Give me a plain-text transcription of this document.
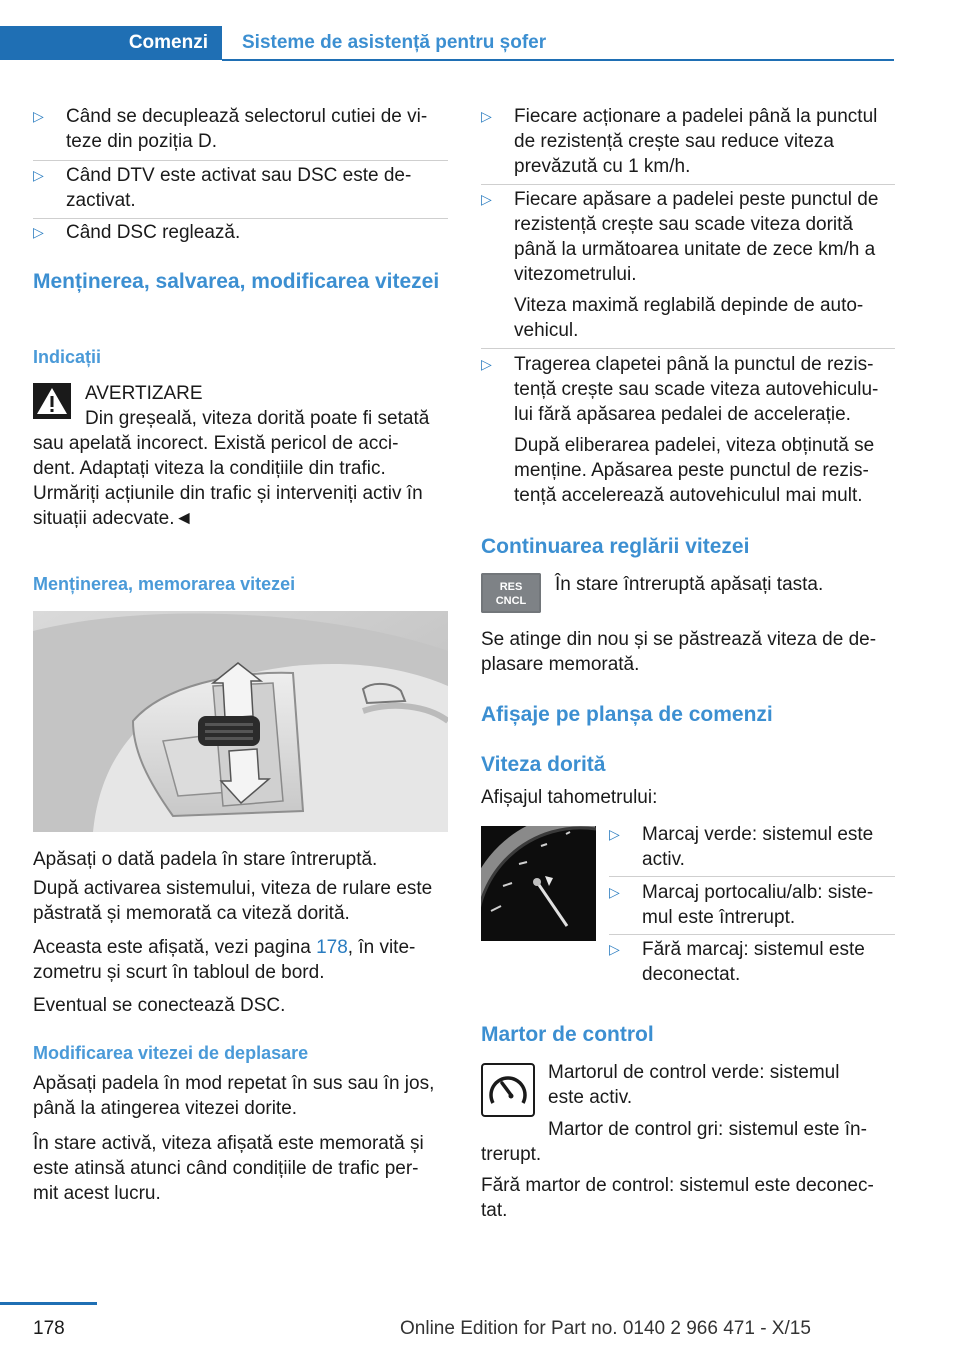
Comenzi	Sisteme de asistență pentru șofer
▷ Când se decuplează selectorul cutiei de vi-
teze din poziția D.
▷ Când DTV este activat sau DSC este de-
zactivat.
▷ Când DSC reglează.
Menținerea, salvarea, modificarea vitezei
Indicații
AVERTIZARE
Din greșeală, viteza dorită poate fi setată
sau apelată incorect. Există pericol de acci-
dent. Adaptați viteza la condițiile din trafic.
Urmăriți acțiunile din trafic și interveniți activ în
situații adecvate.◄
Menținerea, memorarea vitezei
Apăsați o dată padela în stare întreruptă.
După activarea sistemului, viteza de rulare este
păstrată și memorată ca viteză dorită.
Aceasta este afișată, vezi pagina 178, în vite-
zometru și scurt în tabloul de bord.
Eventual se conectează DSC.
Modificarea vitezei de deplasare
Apăsați padela în mod repetat în sus sau în jos,
până la atingerea vitezei dorite.
În stare activă, viteza afișată este memorată și
este atinsă atunci când condițiile de trafic per-
mit acest lucru.
▷ Fiecare acționare a padelei până la punctul
de rezistență crește sau reduce viteza
prevăzută cu 1 km/h.
▷ Fiecare apăsare a padelei peste punctul de
rezistență crește sau scade viteza dorită
până la următoarea unitate de zece km/h a
vitezometrului.
Viteza maximă reglabilă depinde de auto-
vehicul.
▷ Tragerea clapetei până la punctul de rezis-
tență crește sau scade viteza autovehiculu-
lui fără apăsarea pedalei de accelerație.
După eliberarea padelei, viteza obținută se
menține. Apăsarea peste punctul de rezis-
tență accelerează autovehiculul mai mult.
Continuarea reglării vitezei
RES
CNCL
În stare întreruptă apăsați tasta.
Se atinge din nou și se păstrează viteza de de-
plasare memorată.
Afișaje pe planșa de comenzi
Viteza dorită
Afișajul tahometrului:
▷ Marcaj verde: sistemul este
activ.
▷ Marcaj portocaliu/alb: siste-
mul este întrerupt.
▷ Fără marcaj: sistemul este
deconectat.
Martor de control
Martorul de control verde: sistemul
este activ.
Martor de control gri: sistemul este în-
trerupt.
Fără martor de control: sistemul este deconec-
tat.
178	Online Edition for Part no. 0140 2 966 471 - X/15
